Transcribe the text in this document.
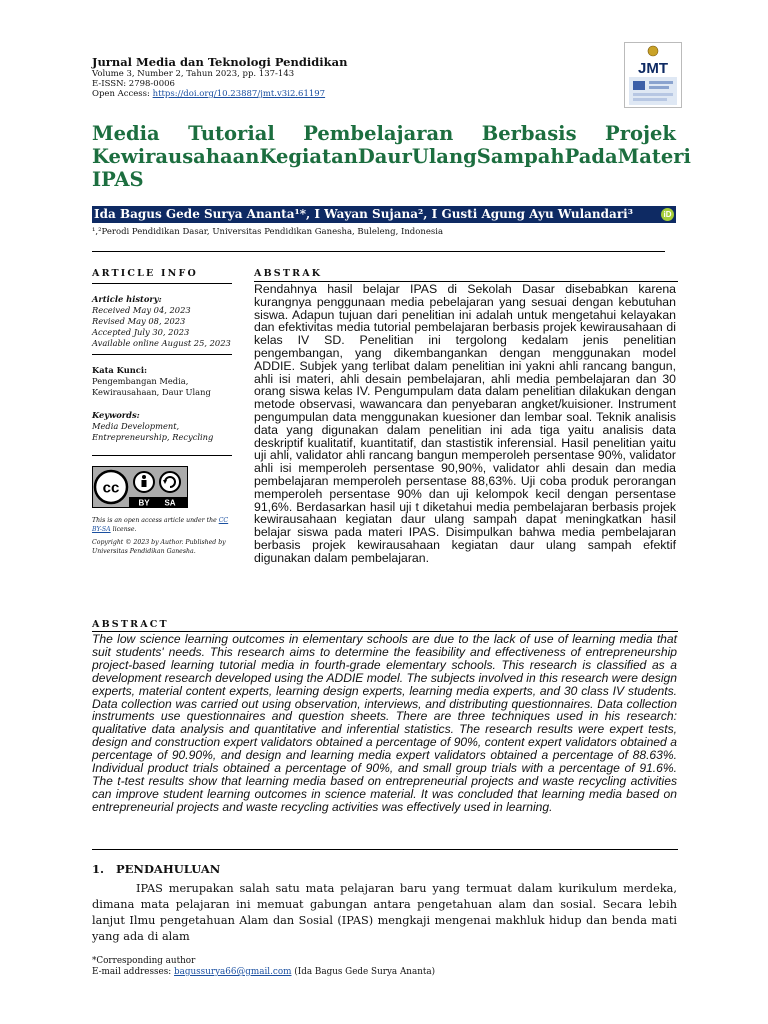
Jurnal Media dan Teknologi Pendidikan
Volume 3, Number 2, Tahun 2023, pp. 137-143
E-ISSN: 2798-0006
Open Access: https://doi.org/10.23887/jmt.v3i2.61197
JMT
Media Tutorial Pembelajaran Berbasis Projek
Kewirausahaan Kegiatan Daur Ulang Sampah Pada Materi
IPAS
Ida Bagus Gede Surya Ananta¹*, I Wayan Sujana², I Gusti Agung Ayu Wulandari³	iD
¹,²Perodi Pendidikan Dasar, Universitas Pendidikan Ganesha, Buleleng, Indonesia
ARTICLE INFO
Article history:
Received May 04, 2023
Revised May 08, 2023
Accepted July 30, 2023
Available online August 25, 2023
Kata Kunci:
Pengembangan Media,
Kewirausahaan, Daur Ulang
Keywords:
Media Development,
Entrepreneurship, Recycling
cc
BY SA
This is an open access article under the CC BY-SA license.
Copyright © 2023 by Author. Published by Universitas Pendidikan Ganesha.
ABSTRAK
Rendahnya hasil belajar IPAS di Sekolah Dasar disebabkan karena kurangnya penggunaan media pebelajaran yang sesuai dengan kebutuhan siswa. Adapun tujuan dari penelitian ini adalah untuk mengetahui kelayakan dan efektivitas media tutorial pembelajaran berbasis projek kewirausahaan di kelas IV SD. Penelitian ini tergolong kedalam jenis penelitian pengembangan, yang dikembangankan dengan menggunakan model ADDIE. Subjek yang terlibat dalam penelitian ini yakni ahli rancang bangun, ahli isi materi, ahli desain pembelajaran, ahli media pembelajaran dan 30 orang siswa kelas IV. Pengumpulam data dalam penelitian dilakukan dengan metode observasi, wawancara dan penyebaran angket/kuisioner. Instrument pengumpulan data menggunakan kuesioner dan lembar soal. Teknik analisis data yang digunakan dalam penelitian ini ada tiga yaitu analisis data deskriptif kualitatif, kuantitatif, dan stastistik inferensial. Hasil penelitian yaitu uji ahli, validator ahli rancang bangun memperoleh persentase 90%, validator ahli isi memperoleh persentase 90,90%, validator ahli desain dan media pembelajaran memperoleh persentase 88,63%. Uji coba produk perorangan memperoleh persentase 90% dan uji kelompok kecil dengan persentase 91,6%. Berdasarkan hasil uji t diketahui media pembelajaran berbasis projek kewirausahaan kegiatan daur ulang sampah dapat meningkatkan hasil belajar siswa pada materi IPAS. Disimpulkan bahwa media pembelajaran berbasis projek kewirausahaan kegiatan daur ulang sampah efektif digunakan dalam pembelajaran.
ABSTRACT
The low science learning outcomes in elementary schools are due to the lack of use of learning media that suit students' needs. This research aims to determine the feasibility and effectiveness of entrepreneurship project-based learning tutorial media in fourth-grade elementary schools. This research is classified as a development research developed using the ADDIE model. The subjects involved in this research were design experts, material content experts, learning design experts, learning media experts, and 30 class IV students. Data collection was carried out using observation, interviews, and distributing questionnaires. Data collection instruments use questionnaires and question sheets. There are three techniques used in his research: qualitative data analysis and quantitative and inferential statistics. The research results were expert tests, design and construction expert validators obtained a percentage of 90%, content expert validators obtained a percentage of 90.90%, and design and learning media expert validators obtained a percentage of 88.63%. Individual product trials obtained a percentage of 90%, and small group trials with a percentage of 91.6%. The t-test results show that learning media based on entrepreneurial projects and waste recycling activities can improve student learning outcomes in science material. It was concluded that learning media based on entrepreneurial projects and waste recycling activities was effectively used in learning.
1.   PENDAHULUAN

IPAS merupakan salah satu mata pelajaran baru yang termuat dalam kurikulum merdeka, dimana mata pelajaran ini memuat gabungan antara pengetahuan alam dan sosial. Secara lebih lanjut Ilmu pengetahuan Alam dan Sosial (IPAS) mengkaji mengenai makhluk hidup dan benda mati yang ada di alam

*Corresponding author
E-mail addresses: bagussurya66@gmail.com (Ida Bagus Gede Surya Ananta)
